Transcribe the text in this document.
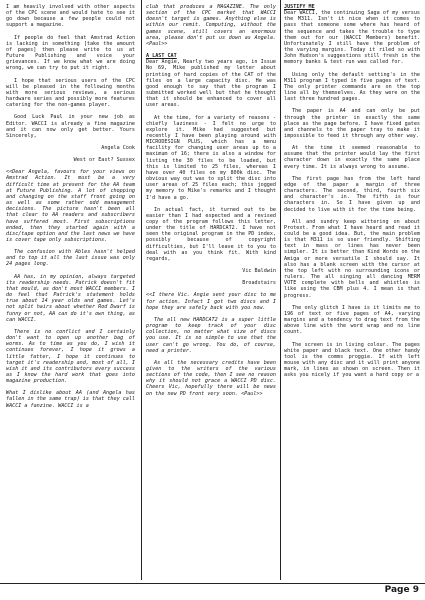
I am heavily involved with other aspects of the CPC scene and would hate to see it go down because a few people could not support a magazine.

If people do feel that Amstrad Action is lacking in something [take the amount of pages] then please write to us at Future Publishing and voice your grievances. If we know what we are doing wrong, we can try to put it right.

I hope that serious users of the CPC will be pleased in the following months with more serious reviews, a serious hardware series and possibly more features catering for the non-games player.

Good Luck Paul in your new job as Editor. WACCI is already a fine magazine and it can now only get better. Yours Sincerely,

Angela Cook

West or East? Sussex

<<Dear Angela, favours for your views on Amstrad Action. It must be a very difficult time at present for the AA team at Future Publishing. A lot of chopping and changing on the staff front going on as well as some rather odd management decisions. The picture hasn't been all that clear to AA readers and subscribers have suffered most. First subscriptions ended, then they started again with a disc/tape option and the last news we have is cover tape only subscriptions.

The confusion with Ables hasn't helped and to top it all the last issue was only 24 pages long.

AA has, in my opinion, always targeted its readership needs. Patrick doesn't fit that mould, as don't most WACCI members. I do feel that Patrick's statement holds true about 14 year olds and games. Let's not split hairs about whether Rod Dwarf is funny or not, AA can do it's own thing, as can WACCI.

There is no conflict and I certainly don't want to open up another bag of worms. As to time as you do, I wish it continues forever, I hope it grows a little fatter, I hope it continues to target it's readership and, most of all, I wish it and its contributors every success as I know the hard work that goes into magazine production.

What I dislike about AA (and Angela has fallen in the same trap) is that they call WACCI a fanzine. WACCI is a

club that produces a MAGAZINE. The only section of the CPC market that WACCI doesn't target is games. Anything else is within our remit. Computing, without the games scene, still covers an enormous area, please don't put us down as Angela. <Paul>>

A LAST CAT

Dear Angie, Nearly two years ago, in Issue No 69, Mike published my letter about printing of hard copies of the CAT of the files on a large capacity disc. He was good enough to say that the program I submitted worked well but that he thought that it should be enhanced to cover all user areas.

At the time, for a variety of reasons - chiefly laziness - I felt no urge to explore it. Mike had suggested but recently I have been playing around with MICRODESIGN PLUS, which has a menu facility for changing user areas up to a maximum of 16; there is also a window for listing the 30 files to be loaded, but this is limited to 25 files, whereas I have over 40 files on my 800k disc. The obvious way out was to split the disc into user areas of 25 files each; this jogged my memory to Mike's remarks and I thought I'd have a go.

In actual fact, it turned out to be easier than I had expected and a revised copy of the program follows this letter, under the title of HARDCAT2. I have not seen the original program in the PD index, possibly because of copyright difficulties, but I'll leave it to you to deal with as you think fit. With kind regards,

Vic Baldwin

Broadstairs

<<I there Vic. Angie sent your disc to me for action. Infact I got two discs and I hope they are safely back with you now.

The all new HARDCAT2 is a super little program to keep track of your disc collection, no matter what size of discs you use. It is so simple to use that the user can't go wrong. You do, of course, need a printer.

As all the necessary credits have been given to the writers of the various sections of the code, then I see no reason why it should not grace a WACCI PD disc. Cheers Vic, hopefully there will be news on the new PD front very soon. <Paul>>

JUSTIFY ME

Dear WACCI, the continuing Saga of my versus the M311. Isn't it nice when it comes to pass that someone some where has heard of the sequence and takes the trouble to type them out for our (WACCI Members) benefit. Unfortunately I still have the problem of the varying margins. Today it riled so with John Hudson's suggestions still fresh in the memory banks & test run was called for.

Using only the default setting's in the M311 program I typed in five pages of text. The only printer commands are on the top line all by themselves. As they were on the last three hundred pages.

The paper is A4 and can only be put through the printer in exactly the same place as the page before. I have fixed gates and channels to the paper tray to make it impossible to feed it through any other way.

At the time it seemed reasonable to assume that the printer would lay the first character down in exactly the same place every time. It is always wrong to assume.

The first page has from the left hand edge of the paper a margin of three characters. The second, third, fourth six and character's in. The fifth is four characters in. So I have given up and decided to live with it for the time being.

All and sundry keep wittering on about Protext. From what I have heard and read it could be a good idea. But, the main problem is that M311 is so user friendly. Shifting text in mass or lines has never been simpler. It is better than Kind Words on the Amiga or more versatile I should say. It also has a blank screen with the cursor at the top left with no surrounding icons or rulers. The all singing all dancing MERM VOTE complete with bells and whistles is like using the CBM plus 4. I mean is that progress.

The only glitch I have is it limits me to 196 of text or five pages of A4, varying margins and a tendency to drag text from the above line with the word wrap and no line count.

The screen is in living colour. The pages white paper and black text. One other handy tool is the comms proggie. If with left mouse with any disc and it will print anyone mark, in lines as shown on screen. Then it asks you nicely if you want a hard copy or a

Page 9
